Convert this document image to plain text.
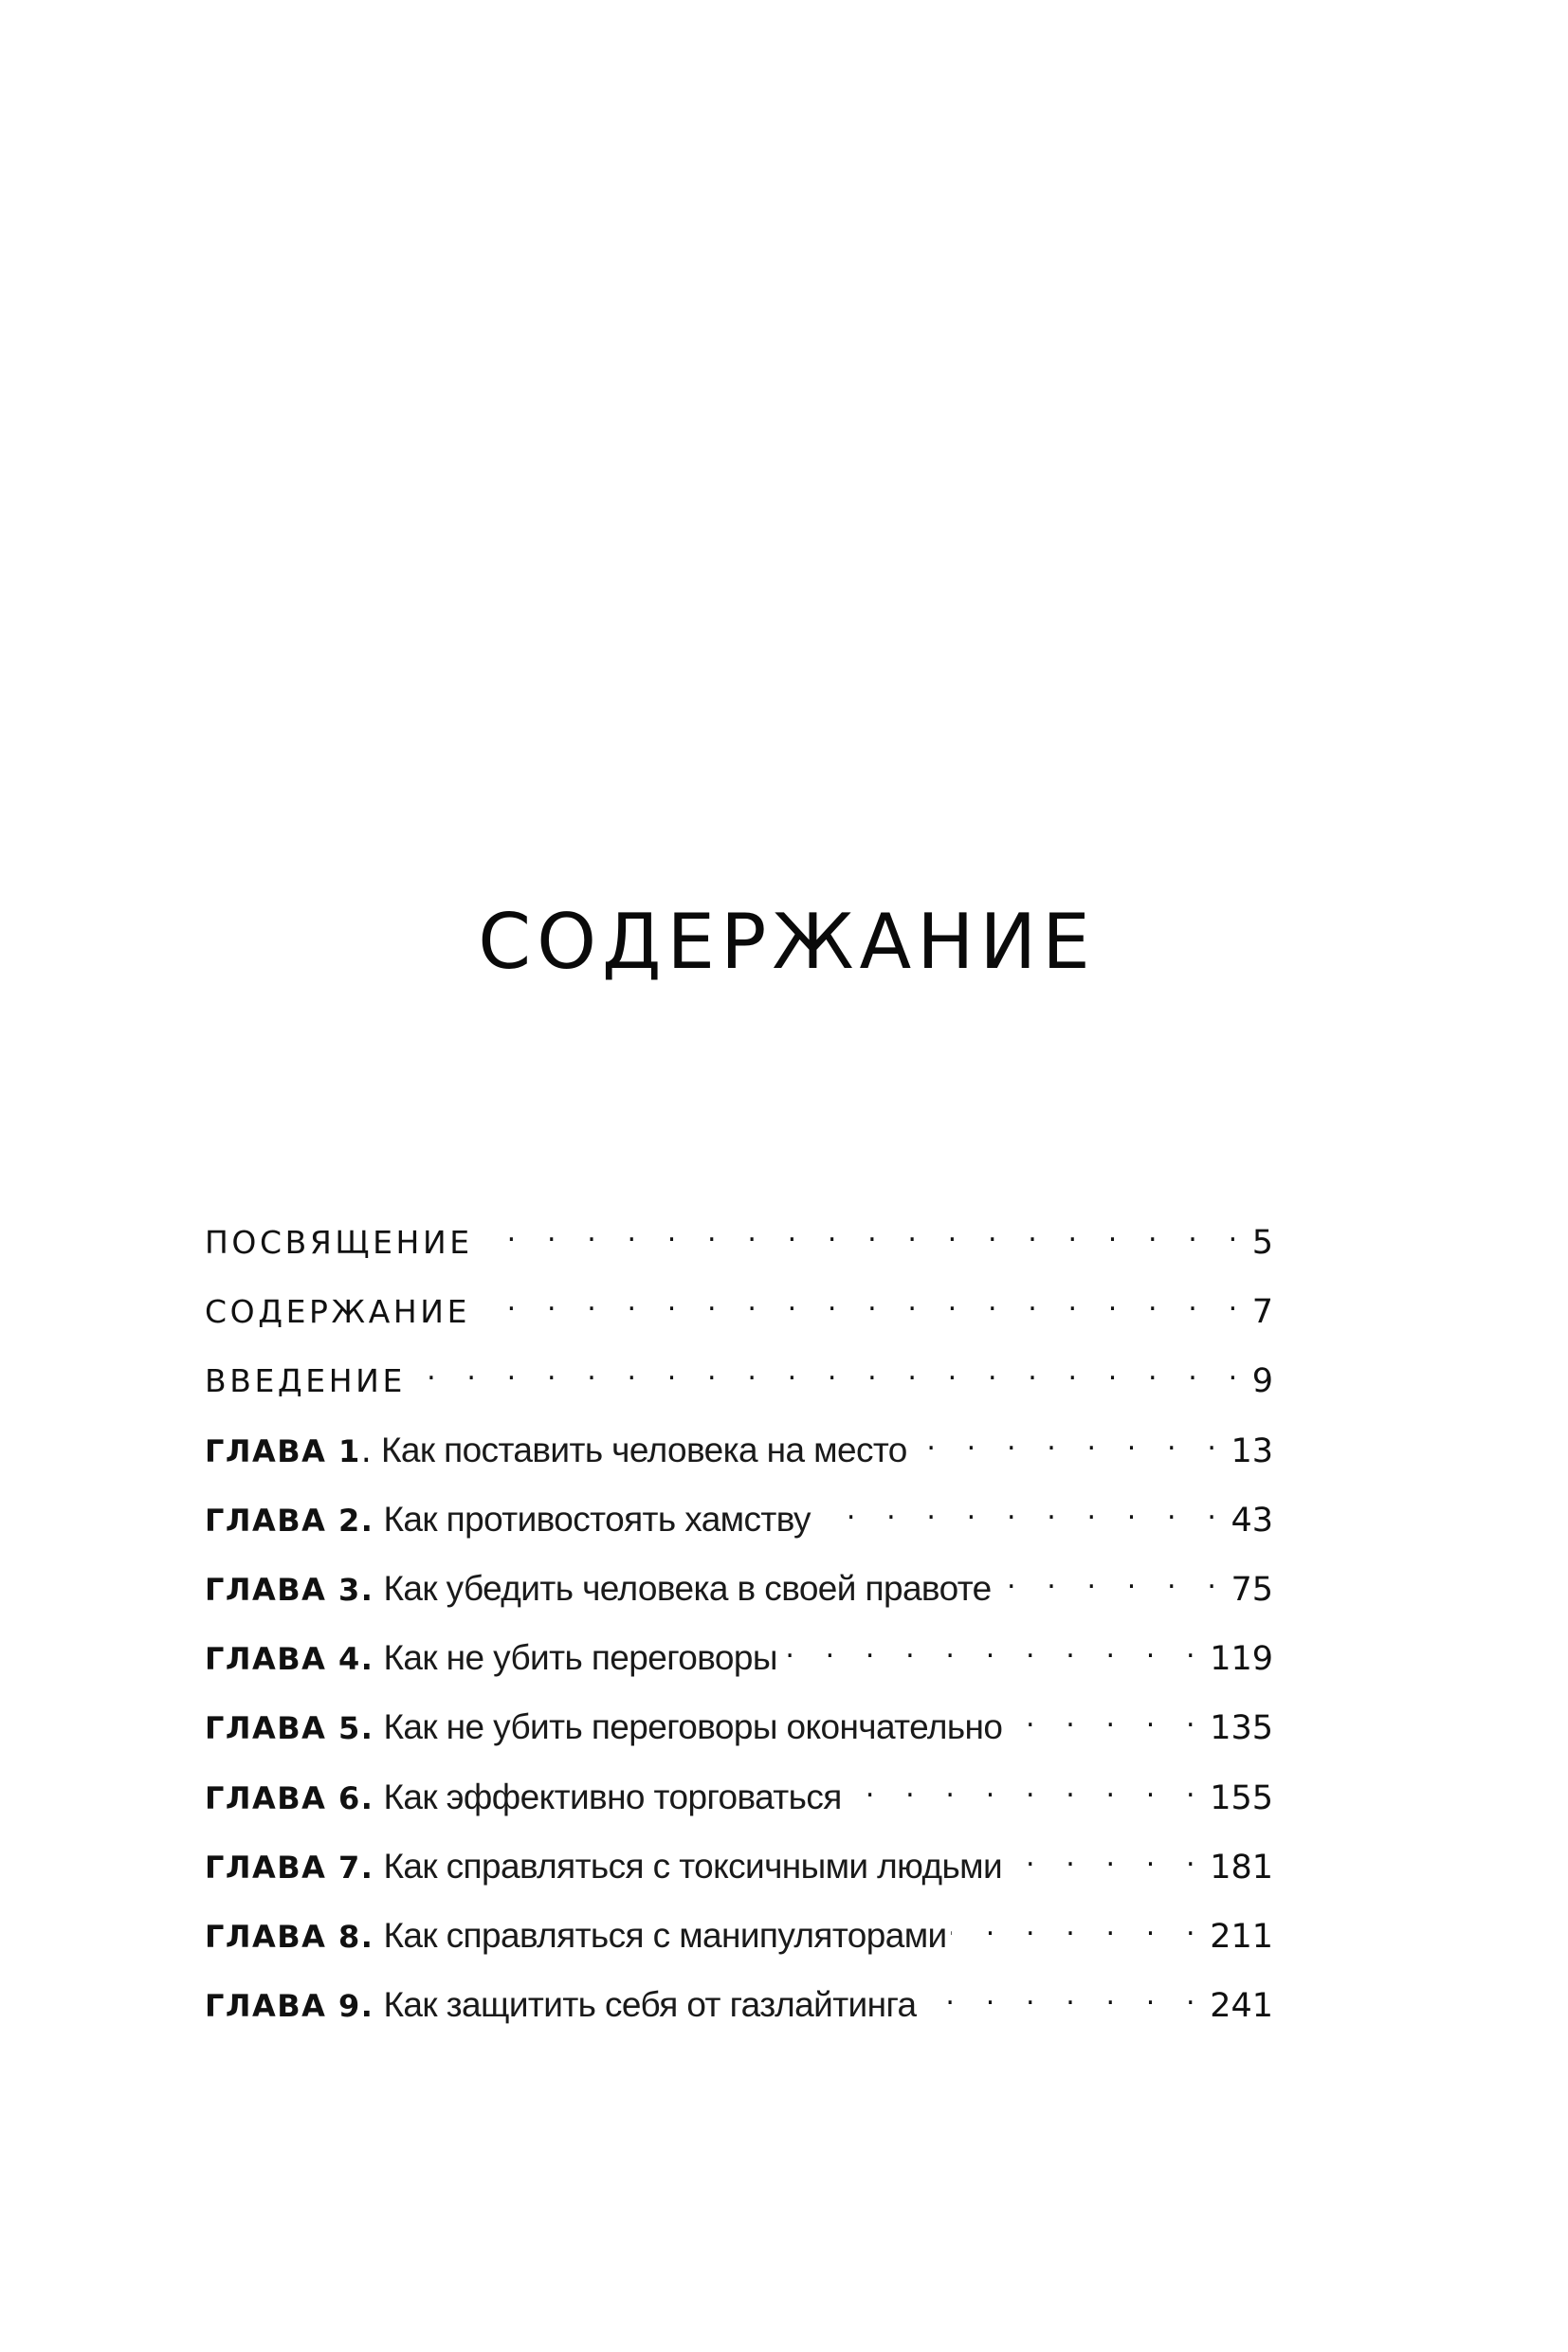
СОДЕРЖАНИЕ
ПОСВЯЩЕНИЕ . . .	5
СОДЕРЖАНИЕ . . .	7
ВВЕДЕНИЕ . . .	9
ГЛАВА 1 . Как поставить человека на место . . .	13
ГЛАВА 2. Как противостоять хамству . . .	43
ГЛАВА 3. Как убедить человека в своей правоте . . .	75
ГЛАВА 4. Как не убить переговоры . . .	119
ГЛАВА 5. Как не убить переговоры окончательно . . .	135
ГЛАВА 6. Как эффективно торговаться . . .	155
ГЛАВА 7. Как справляться с токсичными людьми . . .	181
ГЛАВА 8. Как справляться с манипуляторами . . .	211
ГЛАВА 9. Как защитить себя от газлайтинга . . .	241
